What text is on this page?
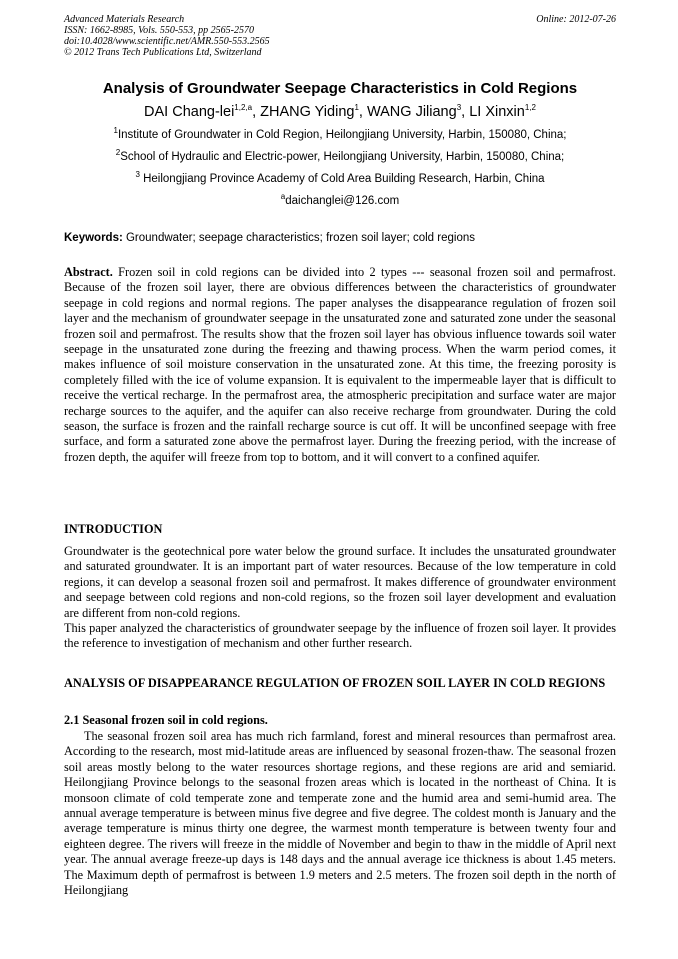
Advanced Materials Research
ISSN: 1662-8985, Vols. 550-553, pp 2565-2570
doi:10.4028/www.scientific.net/AMR.550-553.2565
© 2012 Trans Tech Publications Ltd, Switzerland
Online: 2012-07-26
Analysis of Groundwater Seepage Characteristics in Cold Regions
DAI Chang-lei$^{1,2,a}$, ZHANG Yiding$^1$, WANG Jiliang$^3$, LI Xinxin$^{1,2}$
$^1$Institute of Groundwater in Cold Region, Heilongjiang University, Harbin, 150080, China;
$^2$School of Hydraulic and Electric-power, Heilongjiang University, Harbin, 150080, China;
$^3$ Heilongjiang Province Academy of Cold Area Building Research, Harbin, China
$^a$daichanglei@126.com
Keywords: Groundwater; seepage characteristics; frozen soil layer; cold regions
Abstract. Frozen soil in cold regions can be divided into 2 types --- seasonal frozen soil and permafrost. Because of the frozen soil layer, there are obvious differences between the characteristics of groundwater seepage in cold regions and normal regions. The paper analyses the disappearance regulation of frozen soil layer and the mechanism of groundwater seepage in the unsaturated zone and saturated zone under the seasonal frozen soil and permafrost. The results show that the frozen soil layer has obvious influence towards soil water seepage in the unsaturated zone during the freezing and thawing process. When the warm period comes, it makes influence of soil moisture conservation in the unsaturated zone. At this time, the freezing porosity is completely filled with the ice of volume expansion. It is equivalent to the impermeable layer that is difficult to receive the vertical recharge. In the permafrost area, the atmospheric precipitation and surface water are major recharge sources to the aquifer, and the aquifer can also receive recharge from groundwater. During the cold season, the surface is frozen and the rainfall recharge source is cut off. It will be unconfined seepage with free surface, and form a saturated zone above the permafrost layer. During the freezing period, with the increase of frozen depth, the aquifer will freeze from top to bottom, and it will convert to a confined aquifer.
INTRODUCTION

Groundwater is the geotechnical pore water below the ground surface. It includes the unsaturated groundwater and saturated groundwater. It is an important part of water resources. Because of the low temperature in cold regions, it can develop a seasonal frozen soil and permafrost. It makes difference of groundwater environment and seepage between cold regions and non-cold regions, so the frozen soil layer development and evaluation are different from non-cold regions.

This paper analyzed the characteristics of groundwater seepage by the influence of frozen soil layer. It provides the reference to investigation of mechanism and other further research.

ANALYSIS OF DISAPPEARANCE REGULATION OF FROZEN SOIL LAYER IN COLD REGIONS
2.1 Seasonal frozen soil in cold regions.
The seasonal frozen soil area has much rich farmland, forest and mineral resources than permafrost area. According to the research, most mid-latitude areas are influenced by seasonal frozen-thaw. The seasonal frozen soil areas mostly belong to the water resources shortage regions, and these regions are arid and semiarid. Heilongjiang Province belongs to the seasonal frozen areas which is located in the northeast of China. It is monsoon climate of cold temperate zone and temperate zone and the humid area and semi-humid area. The annual average temperature is between minus five degree and five degree. The coldest month is January and the average temperature is minus thirty one degree, the warmest month temperature is between twenty four and eighteen degree. The rivers will freeze in the middle of November and begin to thaw in the middle of April next year. The annual average freeze-up days is 148 days and the annual average ice thickness is about 1.45 meters. The Maximum depth of permafrost is between 1.9 meters and 2.5 meters. The frozen soil depth in the north of Heilongjiang
